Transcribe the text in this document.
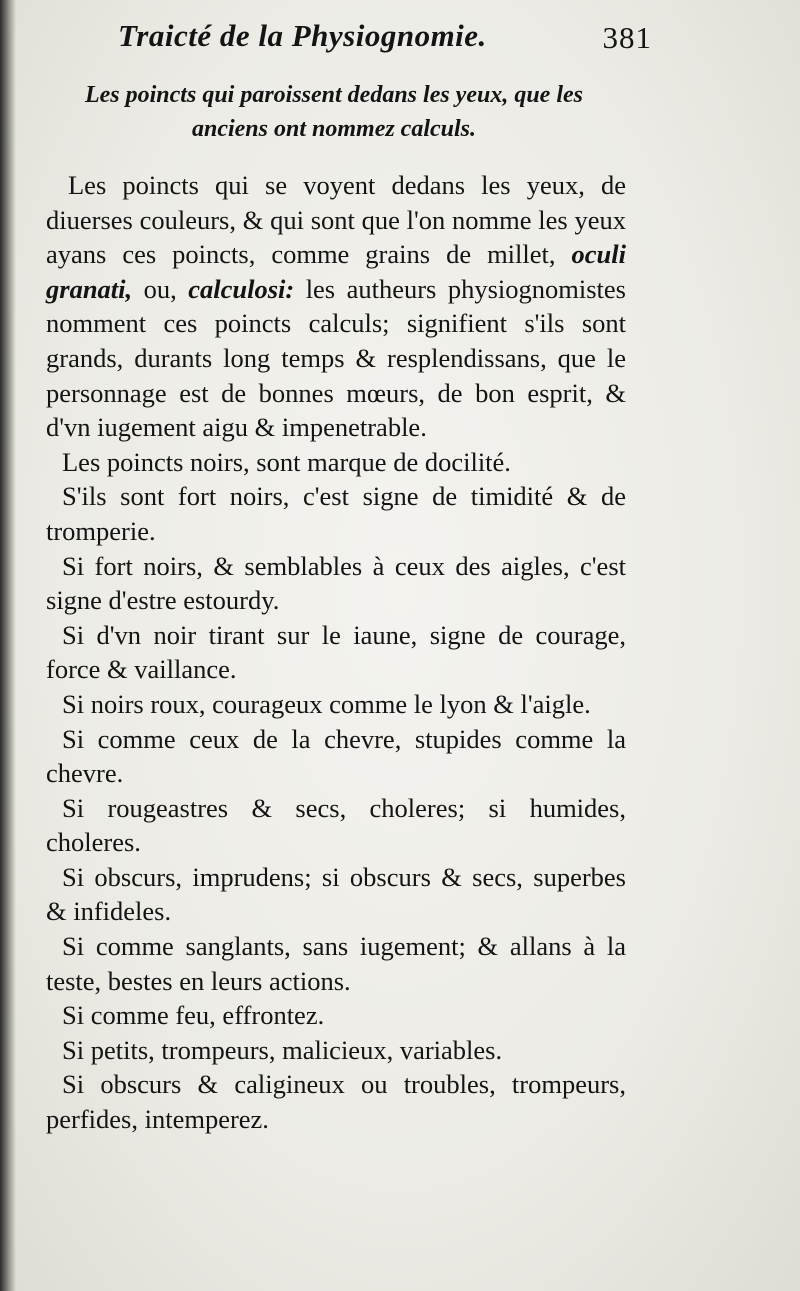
Traicté de la Physiognomie.	381
Les poincts qui paroissent dedans les yeux, que les
anciens ont nommez calculs.

Les poincts qui se voyent dedans les yeux, de diuerses couleurs, & qui sont que l'on nomme les yeux ayans ces poincts, comme grains de millet, oculi granati, ou, calculosi: les autheurs physiognomistes nomment ces poincts calculs; signifient s'ils sont grands, durants long temps & resplendissans, que le personnage est de bonnes mœurs, de bon esprit, & d'vn iugement aigu & impenetrable.

Les poincts noirs, sont marque de docilité.

S'ils sont fort noirs, c'est signe de timidité & de tromperie.

Si fort noirs, & semblables à ceux des aigles, c'est signe d'estre estourdy.

Si d'vn noir tirant sur le iaune, signe de courage, force & vaillance.

Si noirs roux, courageux comme le lyon & l'aigle.

Si comme ceux de la chevre, stupides comme la chevre.

Si rougeastres & secs, choleres; si humides, choleres.

Si obscurs, imprudens; si obscurs & secs, superbes & infideles.

Si comme sanglants, sans iugement; & allans à la teste, bestes en leurs actions.

Si comme feu, effrontez.

Si petits, trompeurs, malicieux, variables.

Si obscurs & caligineux ou troubles, trompeurs, perfides, intemperez.
